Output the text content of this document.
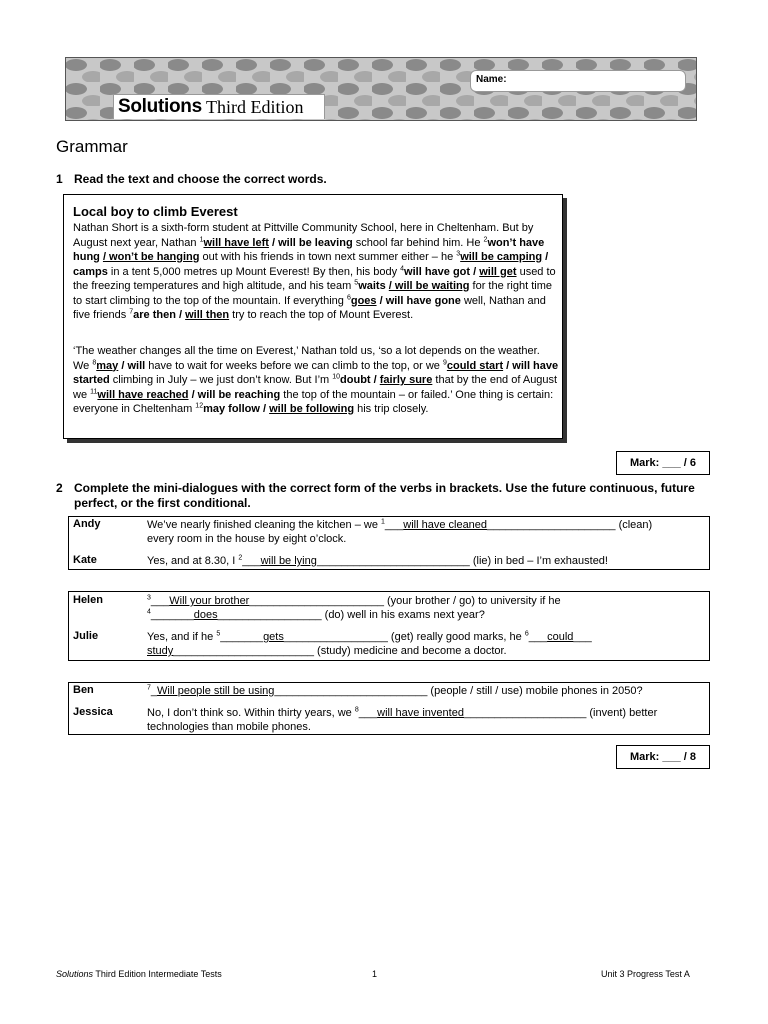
Name:
Solutions Third Edition
Grammar
1 Read the text and choose the correct words.
Local boy to climb Everest
Nathan Short is a sixth-form student at Pittville Community School, here in Cheltenham. But by August next year, Nathan $^1$will have left / will be leaving school far behind him. He $^2$won’t have hung / won’t be hanging out with his friends in town next summer either – he $^3$will be camping / camps in a tent 5,000 metres up Mount Everest! By then, his body $^4$will have got / will get used to the freezing temperatures and high altitude, and his team $^5$waits / will be waiting for the right time to start climbing to the top of the mountain. If everything $^6$goes / will have gone well, Nathan and five friends $^7$are then / will then try to reach the top of Mount Everest.
‘The weather changes all the time on Everest,’ Nathan told us, ‘so a lot depends on the weather. We $^8$may / will have to wait for weeks before we can climb to the top, or we $^9$could start / will have started climbing in July – we just don’t know. But I’m $^{10}$doubt / fairly sure that by the end of August we $^{11}$will have reached / will be reaching the top of the mountain – or failed.’ One thing is certain: everyone in Cheltenham $^{12}$may follow / will be following his trip closely.
Mark: ___ / 6
2 Complete the mini-dialogues with the correct form of the verbs in brackets. Use the future continuous, future perfect, or the first conditional.
Andy	We’ve nearly finished cleaning the kitchen – we $^1$___will have cleaned_____________________ (clean)
every room in the house by eight o’clock.
Kate	Yes, and at 8.30, I $^2$___will be lying_________________________ (lie) in bed – I’m exhausted!
Helen	$^3$___Will your brother______________________ (your brother / go) to university if he
$^4$_______does_________________ (do) well in his exams next year?
Julie	Yes, and if he $^5$_______gets_________________ (get) really good marks, he $^6$___could___
study_______________________ (study) medicine and become a doctor.
Ben	$^7$_Will people still be using_________________________ (people / still / use) mobile phones in 2050?
Jessica	No, I don’t think so. Within thirty years, we $^8$___will have invented____________________ (invent) better technologies than mobile phones.
Mark: ___ / 8
Solutions Third Edition Intermediate Tests	1	Unit 3 Progress Test A
